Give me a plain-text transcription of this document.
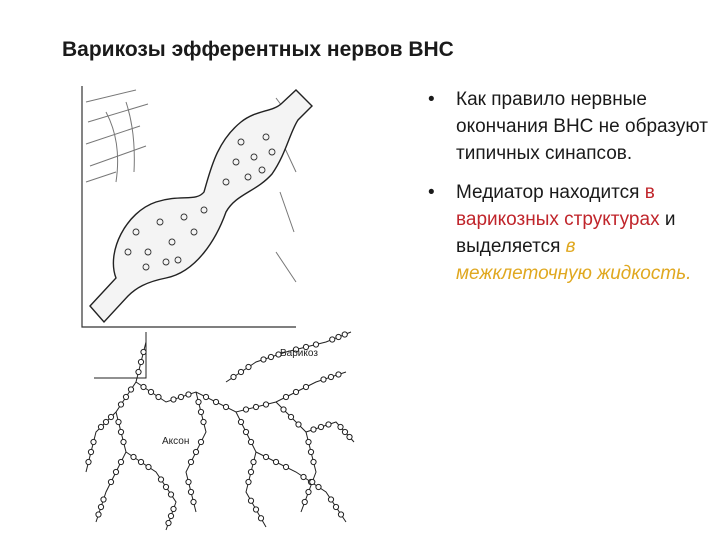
Варикозы эфферентных нервов ВНС
Варикоз
Аксон
• Как правило нервные окончания ВНС не образуют типичных синапсов.
• Медиатор находится в варикозных структурах и выделяется в межклеточную жидкость.
